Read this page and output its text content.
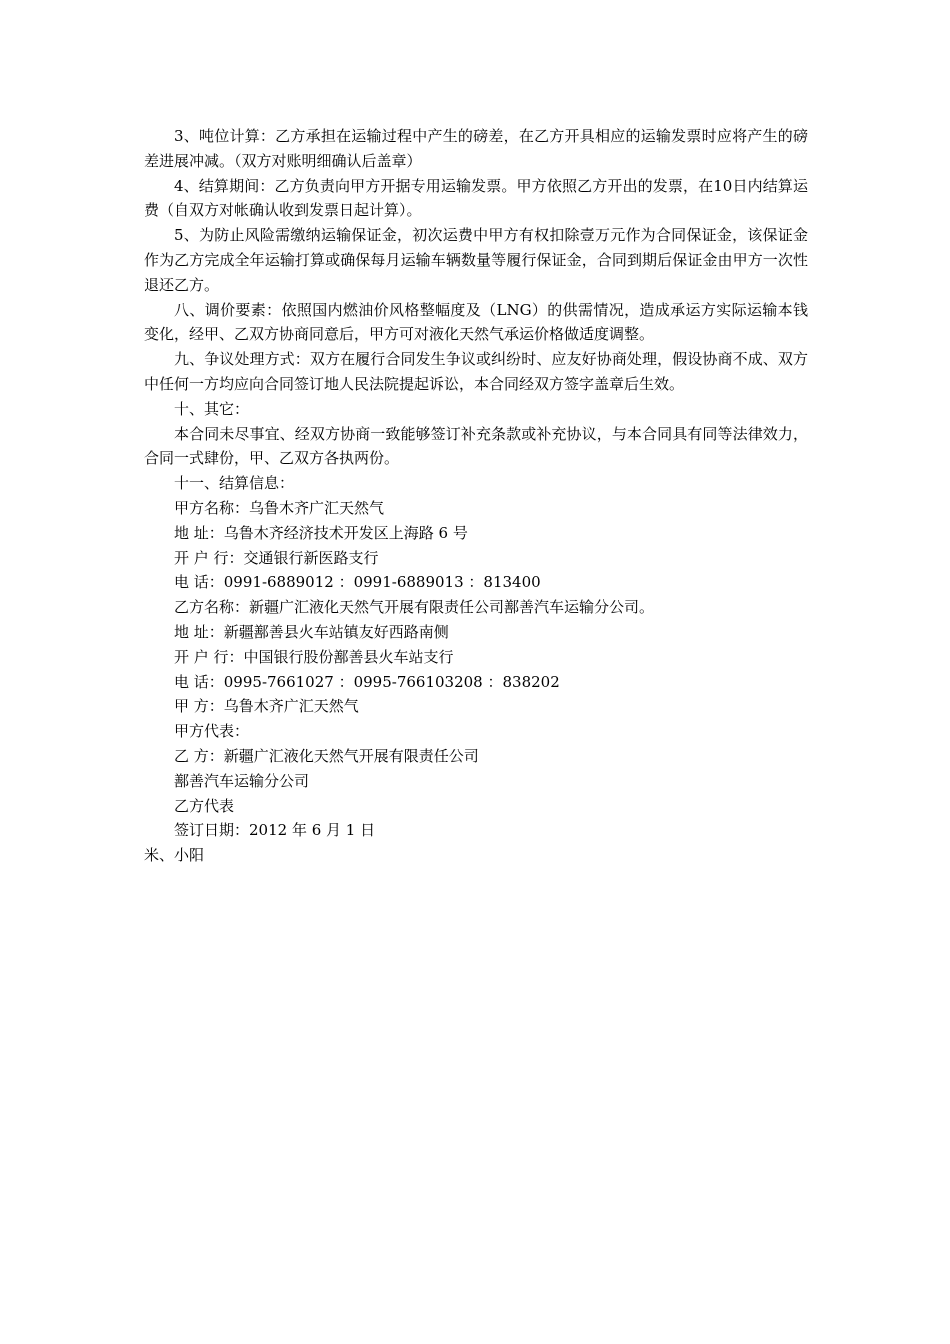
3、吨位计算：乙方承担在运输过程中产生的磅差，在乙方开具相应的运输发票时应将产生的磅差进展冲减。（双方对账明细确认后盖章）

4、结算期间：乙方负责向甲方开据专用运输发票。甲方依照乙方开出的发票，在10日内结算运费（自双方对帐确认收到发票日起计算）。

5、为防止风险需缴纳运输保证金，初次运费中甲方有权扣除壹万元作为合同保证金，该保证金作为乙方完成全年运输打算或确保每月运输车辆数量等履行保证金，合同到期后保证金由甲方一次性退还乙方。

八、调价要素：依照国内燃油价风格整幅度及（LNG）的供需情况，造成承运方实际运输本钱变化，经甲、乙双方协商同意后，甲方可对液化天然气承运价格做适度调整。

九、争议处理方式：双方在履行合同发生争议或纠纷时、应友好协商处理，假设协商不成、双方中任何一方均应向合同签订地人民法院提起诉讼，本合同经双方签字盖章后生效。

十、其它：

本合同未尽事宜、经双方协商一致能够签订补充条款或补充协议，与本合同具有同等法律效力，合同一式肆份，甲、乙双方各执两份。

十一、结算信息：

甲方名称：乌鲁木齐广汇天然气

地 址：乌鲁木齐经济技术开发区上海路 6 号

开 户 行：交通银行新医路支行

电 话：0991-6889012 ：0991-6889013 ：813400

乙方名称：新疆广汇液化天然气开展有限责任公司鄯善汽车运输分公司。

地 址：新疆鄯善县火车站镇友好西路南侧

开 户 行：中国银行股份鄯善县火车站支行

电 话：0995-7661027 ：0995-766103208 ：838202

甲 方：乌鲁木齐广汇天然气

甲方代表：

乙 方：新疆广汇液化天然气开展有限责任公司

鄯善汽车运输分公司

乙方代表

签订日期：2012 年 6 月 1 日

米、小阳
